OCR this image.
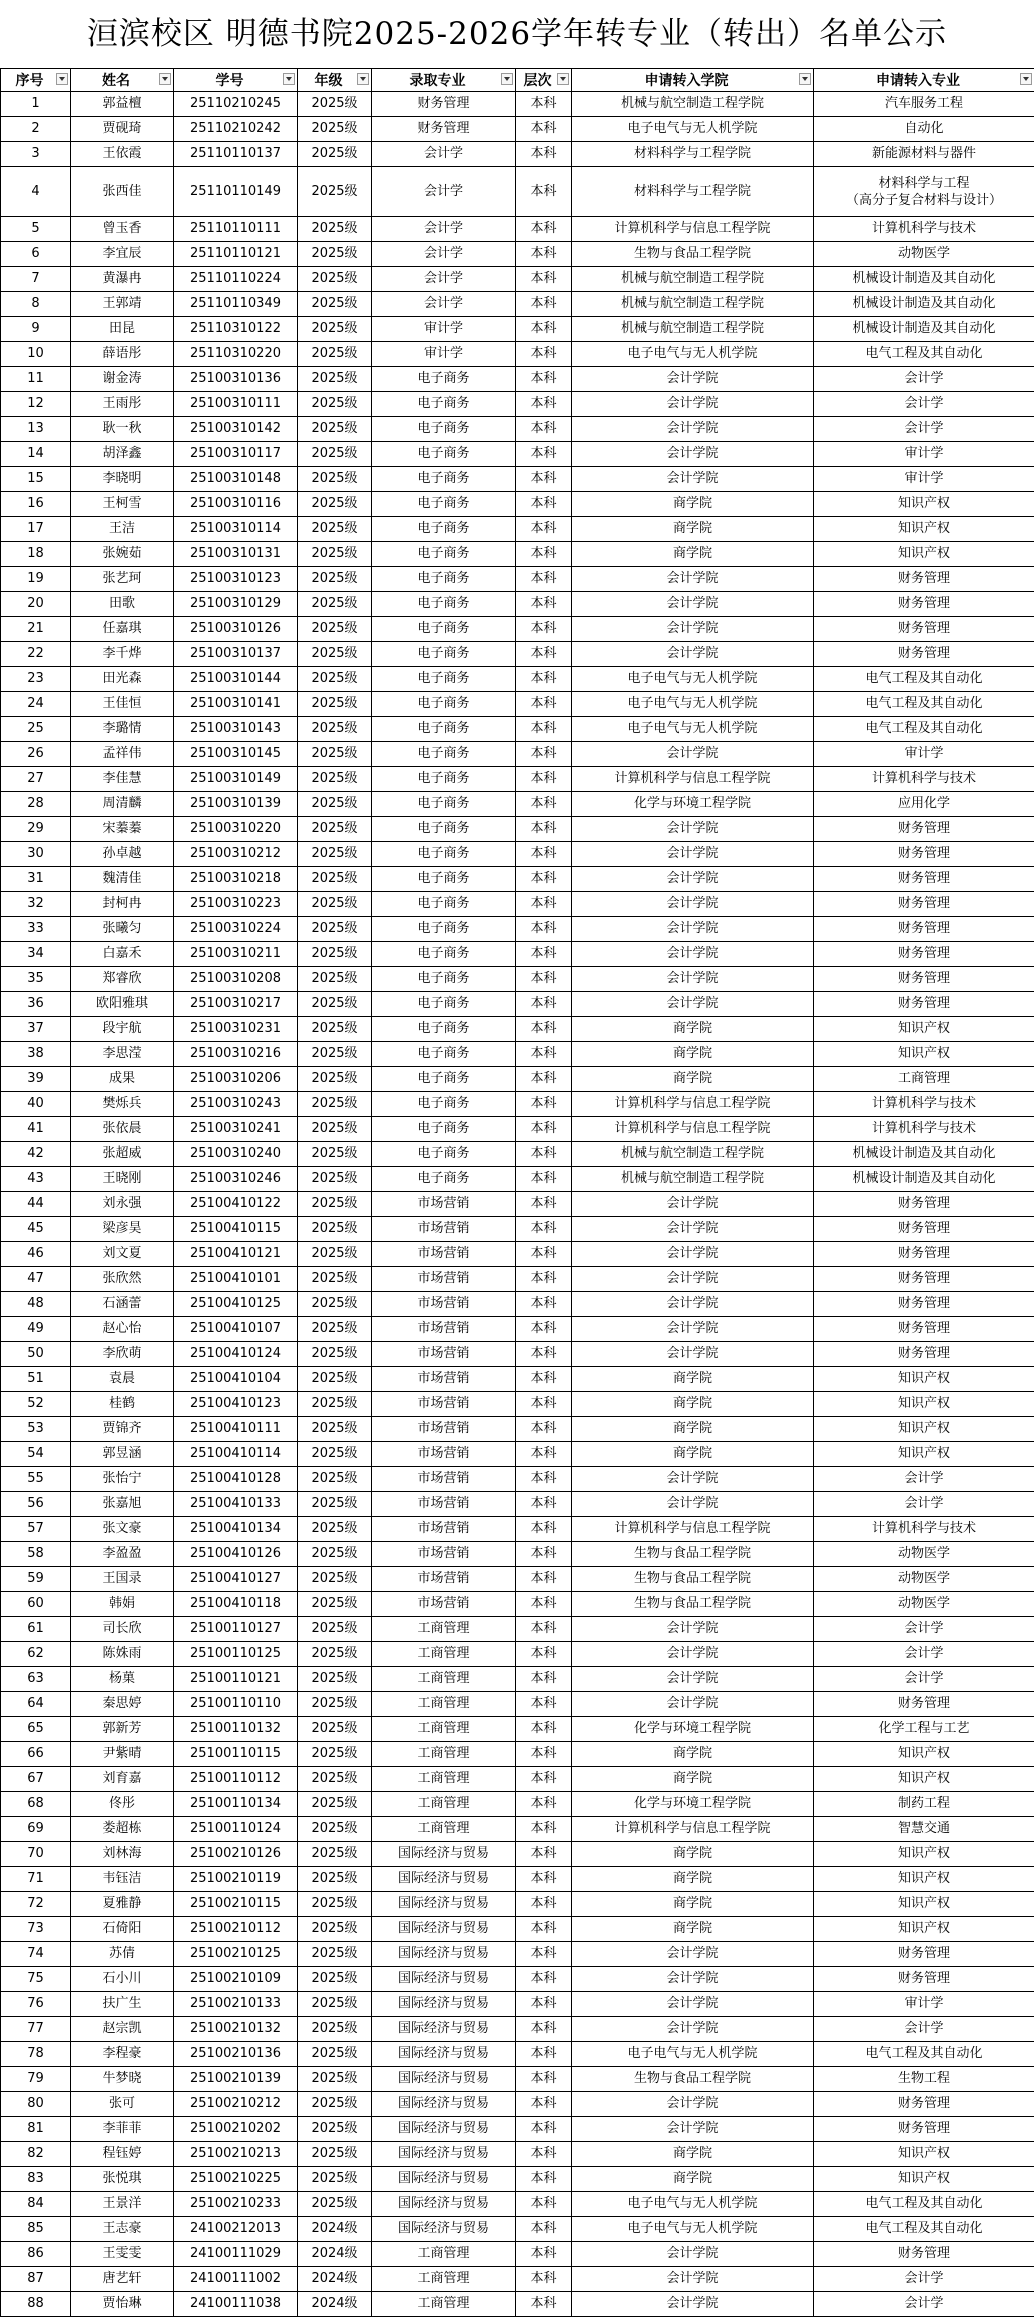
洹滨校区 明德书院2025-2026学年转专业（转出）名单公示
序号	姓名	学号	年级	录取专业	层次	申请转入学院	申请转入专业

1	郭益檀	25110210245	2025级	财务管理	本科	机械与航空制造工程学院	汽车服务工程
2	贾砚琦	25110210242	2025级	财务管理	本科	电子电气与无人机学院	自动化
3	王依霞	25110110137	2025级	会计学	本科	材料科学与工程学院	新能源材料与器件
4	张西佳	25110110149	2025级	会计学	本科	材料科学与工程学院	材料科学与工程
（高分子复合材料与设计）
5	曾玉香	25110110111	2025级	会计学	本科	计算机科学与信息工程学院	计算机科学与技术
6	李宜辰	25110110121	2025级	会计学	本科	生物与食品工程学院	动物医学
7	黄瀑冉	25110110224	2025级	会计学	本科	机械与航空制造工程学院	机械设计制造及其自动化
8	王郭靖	25110110349	2025级	会计学	本科	机械与航空制造工程学院	机械设计制造及其自动化
9	田昆	25110310122	2025级	审计学	本科	机械与航空制造工程学院	机械设计制造及其自动化
10	薛语彤	25110310220	2025级	审计学	本科	电子电气与无人机学院	电气工程及其自动化
11	谢金涛	25100310136	2025级	电子商务	本科	会计学院	会计学
12	王雨彤	25100310111	2025级	电子商务	本科	会计学院	会计学
13	耿一秋	25100310142	2025级	电子商务	本科	会计学院	会计学
14	胡泽鑫	25100310117	2025级	电子商务	本科	会计学院	审计学
15	李晓明	25100310148	2025级	电子商务	本科	会计学院	审计学
16	王柯雪	25100310116	2025级	电子商务	本科	商学院	知识产权
17	王洁	25100310114	2025级	电子商务	本科	商学院	知识产权
18	张婉茹	25100310131	2025级	电子商务	本科	商学院	知识产权
19	张艺珂	25100310123	2025级	电子商务	本科	会计学院	财务管理
20	田歌	25100310129	2025级	电子商务	本科	会计学院	财务管理
21	任嘉琪	25100310126	2025级	电子商务	本科	会计学院	财务管理
22	李千烨	25100310137	2025级	电子商务	本科	会计学院	财务管理
23	田光森	25100310144	2025级	电子商务	本科	电子电气与无人机学院	电气工程及其自动化
24	王佳恒	25100310141	2025级	电子商务	本科	电子电气与无人机学院	电气工程及其自动化
25	李璐情	25100310143	2025级	电子商务	本科	电子电气与无人机学院	电气工程及其自动化
26	孟祥伟	25100310145	2025级	电子商务	本科	会计学院	审计学
27	李佳慧	25100310149	2025级	电子商务	本科	计算机科学与信息工程学院	计算机科学与技术
28	周清麟	25100310139	2025级	电子商务	本科	化学与环境工程学院	应用化学
29	宋蓁蓁	25100310220	2025级	电子商务	本科	会计学院	财务管理
30	孙卓越	25100310212	2025级	电子商务	本科	会计学院	财务管理
31	魏清佳	25100310218	2025级	电子商务	本科	会计学院	财务管理
32	封柯冉	25100310223	2025级	电子商务	本科	会计学院	财务管理
33	张曦匀	25100310224	2025级	电子商务	本科	会计学院	财务管理
34	白嘉禾	25100310211	2025级	电子商务	本科	会计学院	财务管理
35	郑睿欣	25100310208	2025级	电子商务	本科	会计学院	财务管理
36	欧阳雅琪	25100310217	2025级	电子商务	本科	会计学院	财务管理
37	段宇航	25100310231	2025级	电子商务	本科	商学院	知识产权
38	李思滢	25100310216	2025级	电子商务	本科	商学院	知识产权
39	成果	25100310206	2025级	电子商务	本科	商学院	工商管理
40	樊烁兵	25100310243	2025级	电子商务	本科	计算机科学与信息工程学院	计算机科学与技术
41	张依晨	25100310241	2025级	电子商务	本科	计算机科学与信息工程学院	计算机科学与技术
42	张超威	25100310240	2025级	电子商务	本科	机械与航空制造工程学院	机械设计制造及其自动化
43	王晓刚	25100310246	2025级	电子商务	本科	机械与航空制造工程学院	机械设计制造及其自动化
44	刘永强	25100410122	2025级	市场营销	本科	会计学院	财务管理
45	梁彦昊	25100410115	2025级	市场营销	本科	会计学院	财务管理
46	刘文夏	25100410121	2025级	市场营销	本科	会计学院	财务管理
47	张欣然	25100410101	2025级	市场营销	本科	会计学院	财务管理
48	石涵蕾	25100410125	2025级	市场营销	本科	会计学院	财务管理
49	赵心怡	25100410107	2025级	市场营销	本科	会计学院	财务管理
50	李欣萌	25100410124	2025级	市场营销	本科	会计学院	财务管理
51	袁晨	25100410104	2025级	市场营销	本科	商学院	知识产权
52	桂鹤	25100410123	2025级	市场营销	本科	商学院	知识产权
53	贾锦齐	25100410111	2025级	市场营销	本科	商学院	知识产权
54	郭昱涵	25100410114	2025级	市场营销	本科	商学院	知识产权
55	张怡宁	25100410128	2025级	市场营销	本科	会计学院	会计学
56	张嘉旭	25100410133	2025级	市场营销	本科	会计学院	会计学
57	张文豪	25100410134	2025级	市场营销	本科	计算机科学与信息工程学院	计算机科学与技术
58	李盈盈	25100410126	2025级	市场营销	本科	生物与食品工程学院	动物医学
59	王国录	25100410127	2025级	市场营销	本科	生物与食品工程学院	动物医学
60	韩娟	25100410118	2025级	市场营销	本科	生物与食品工程学院	动物医学
61	司长欣	25100110127	2025级	工商管理	本科	会计学院	会计学
62	陈姝雨	25100110125	2025级	工商管理	本科	会计学院	会计学
63	杨菓	25100110121	2025级	工商管理	本科	会计学院	会计学
64	秦思婷	25100110110	2025级	工商管理	本科	会计学院	财务管理
65	郭新芳	25100110132	2025级	工商管理	本科	化学与环境工程学院	化学工程与工艺
66	尹紫晴	25100110115	2025级	工商管理	本科	商学院	知识产权
67	刘育嘉	25100110112	2025级	工商管理	本科	商学院	知识产权
68	佟彤	25100110134	2025级	工商管理	本科	化学与环境工程学院	制药工程
69	娄超栋	25100110124	2025级	工商管理	本科	计算机科学与信息工程学院	智慧交通
70	刘林海	25100210126	2025级	国际经济与贸易	本科	商学院	知识产权
71	韦钰洁	25100210119	2025级	国际经济与贸易	本科	商学院	知识产权
72	夏雅静	25100210115	2025级	国际经济与贸易	本科	商学院	知识产权
73	石倚阳	25100210112	2025级	国际经济与贸易	本科	商学院	知识产权
74	苏倩	25100210125	2025级	国际经济与贸易	本科	会计学院	财务管理
75	石小川	25100210109	2025级	国际经济与贸易	本科	会计学院	财务管理
76	扶广生	25100210133	2025级	国际经济与贸易	本科	会计学院	审计学
77	赵宗凯	25100210132	2025级	国际经济与贸易	本科	会计学院	会计学
78	李程豪	25100210136	2025级	国际经济与贸易	本科	电子电气与无人机学院	电气工程及其自动化
79	牛梦晓	25100210139	2025级	国际经济与贸易	本科	生物与食品工程学院	生物工程
80	张可	25100210212	2025级	国际经济与贸易	本科	会计学院	财务管理
81	李菲菲	25100210202	2025级	国际经济与贸易	本科	会计学院	财务管理
82	程钰婷	25100210213	2025级	国际经济与贸易	本科	商学院	知识产权
83	张悦琪	25100210225	2025级	国际经济与贸易	本科	商学院	知识产权
84	王景洋	25100210233	2025级	国际经济与贸易	本科	电子电气与无人机学院	电气工程及其自动化
85	王志豪	24100212013	2024级	国际经济与贸易	本科	电子电气与无人机学院	电气工程及其自动化
86	王雯雯	24100111029	2024级	工商管理	本科	会计学院	财务管理
87	唐艺轩	24100111002	2024级	工商管理	本科	会计学院	会计学
88	贾怡琳	24100111038	2024级	工商管理	本科	会计学院	会计学
